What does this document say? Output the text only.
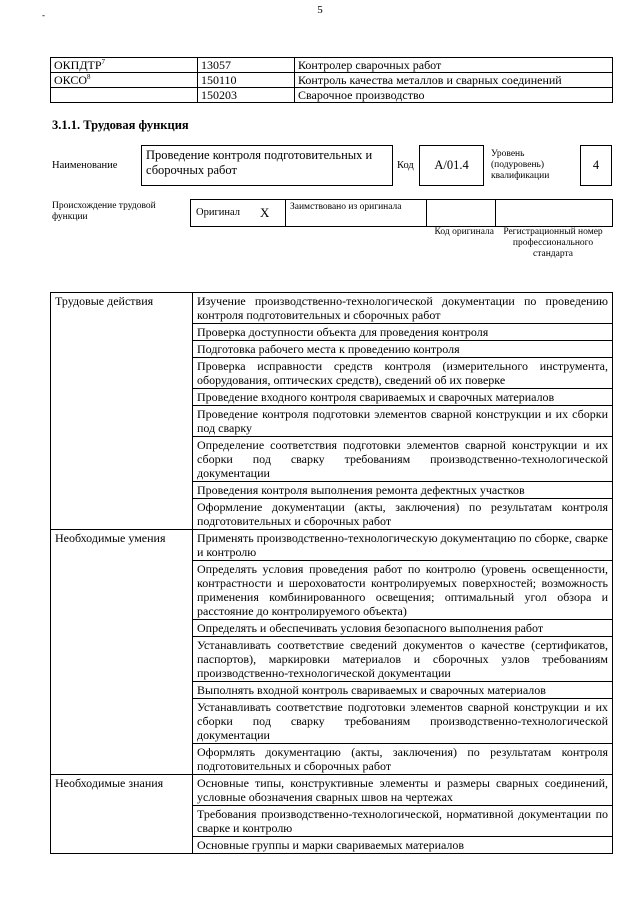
5
-
ОКПДТР$^7$	13057	Контролер сварочных работ
ОКСО$^8$	150110	Контроль качества металлов и сварных соединений
	150203	Сварочное производство
3.1.1. Трудовая функция
Наименование
Проведение контроля подготовительных и сборочных работ	Код	A/01.4
Уровень (подуровень) квалификации
4
Происхождение трудовой функции	Оригинал X	Заимствовано из оригинала
Код оригинала Регистрационный номер профессионального стандарта
Трудовые действия	Изучение производственно-технологической документации по проведению контроля подготовительных и сборочных работ
	Проверка доступности объекта для проведения контроля
	Подготовка рабочего места к проведению контроля
	Проверка исправности средств контроля (измерительного инструмента, оборудования, оптических средств), сведений об их поверке
	Проведение входного контроля свариваемых и сварочных материалов
	Проведение контроля подготовки элементов сварной конструкции и их сборки под сварку
	Определение соответствия подготовки элементов сварной конструкции и их сборки под сварку требованиям производственно-технологической документации
	Проведения контроля выполнения ремонта дефектных участков
	Оформление документации (акты, заключения) по результатам контроля подготовительных и сборочных работ
Необходимые умения	Применять производственно-технологическую документацию по сборке, сварке и контролю
	Определять условия проведения работ по контролю (уровень освещенности, контрастности и шероховатости контролируемых поверхностей; возможность применения комбинированного освещения; оптимальный угол обзора и расстояние до контролируемого объекта)
	Определять и обеспечивать условия безопасного выполнения работ
	Устанавливать соответствие сведений документов о качестве (сертификатов, паспортов), маркировки материалов и сборочных узлов требованиям производственно-технологической документации
	Выполнять входной контроль свариваемых и сварочных материалов
	Устанавливать соответствие подготовки элементов сварной конструкции и их сборки под сварку требованиям производственно-технологической документации
	Оформлять документацию (акты, заключения) по результатам контроля подготовительных и сборочных работ
Необходимые знания	Основные типы, конструктивные элементы и размеры сварных соединений, условные обозначения сварных швов на чертежах
	Требования производственно-технологической, нормативной документации по сварке и контролю
	Основные группы и марки свариваемых материалов
